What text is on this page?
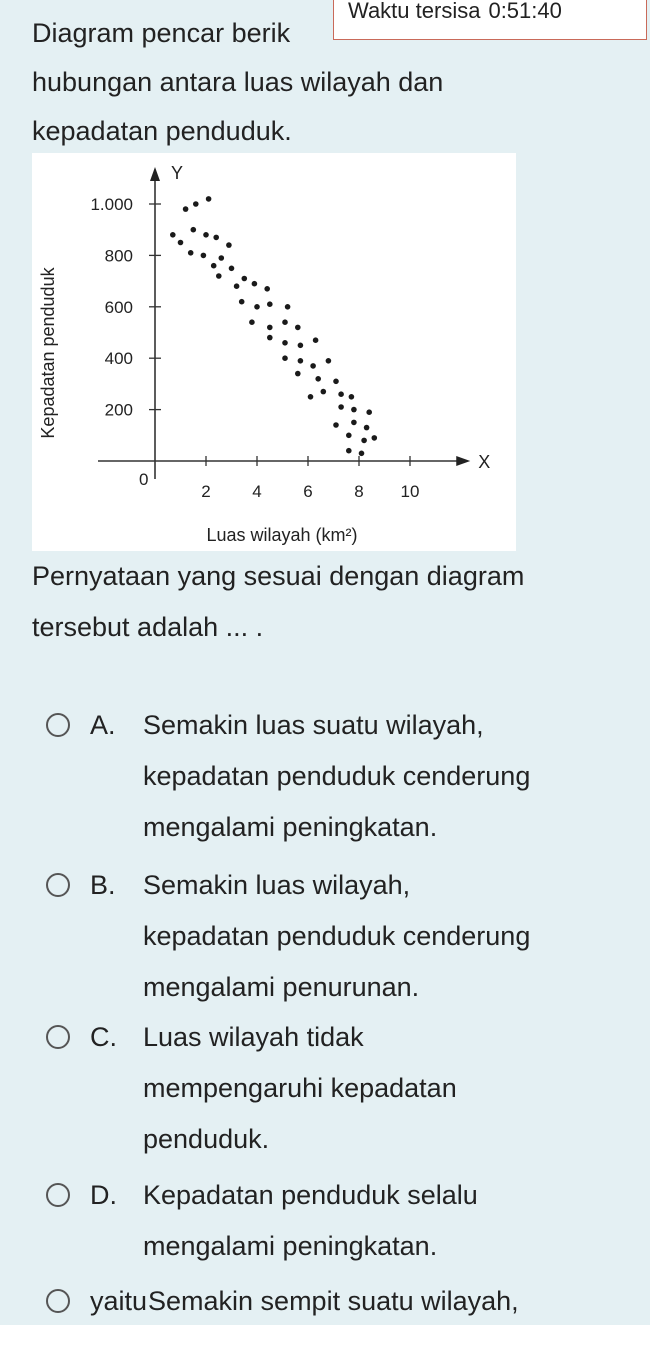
Waktu tersisa 0:51:40
Diagram pencar berik
hubungan antara luas wilayah dan
kepadatan penduduk.
Y
X
0
2 4 6 8 10
200
400
600
800
1.000
Luas wilayah (km²)
Kepadatan penduduk
Pernyataan yang sesuai dengan diagram
tersebut adalah ... .
A. Semakin luas suatu wilayah,
kepadatan penduduk cenderung
mengalami peningkatan.
B. Semakin luas wilayah,
kepadatan penduduk cenderung
mengalami penurunan.
C. Luas wilayah tidak
mempengaruhi kepadatan
penduduk.
D. Kepadatan penduduk selalu
mengalami peningkatan.
yaitu Semakin sempit suatu wilayah,
